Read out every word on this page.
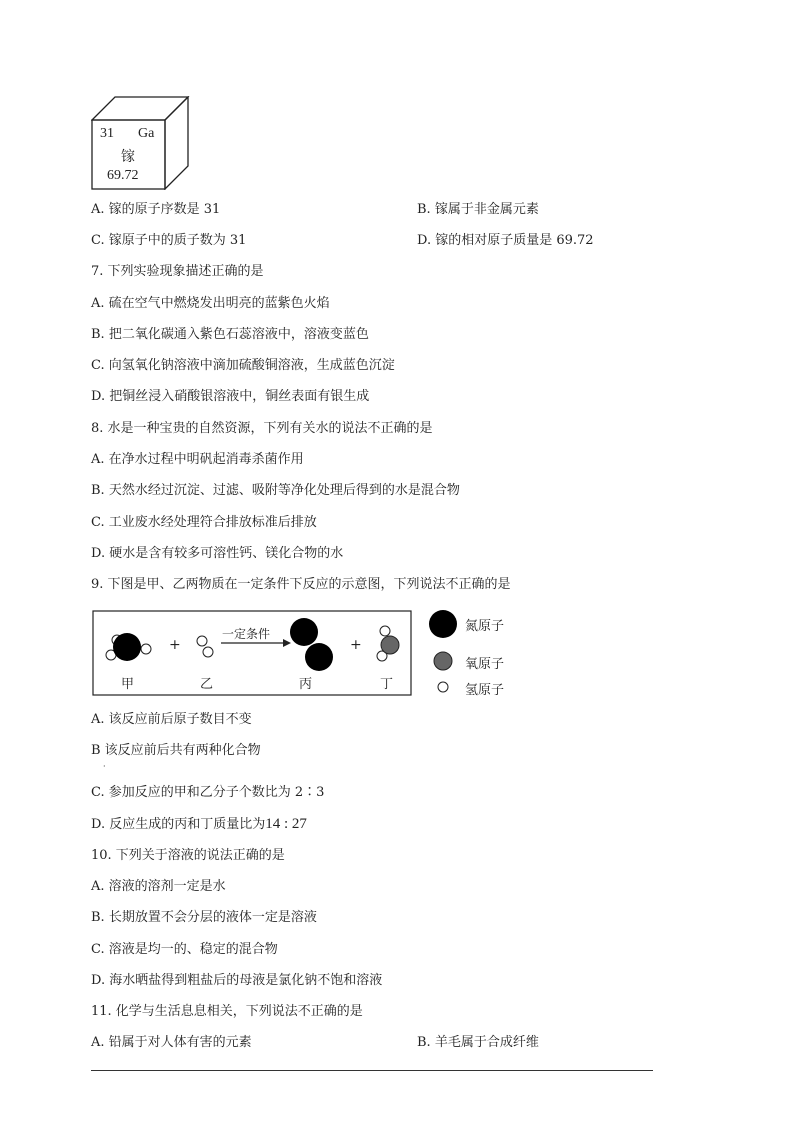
31 Ga
镓
69.72
A. 镓的原子序数是 31	B. 镓属于非金属元素
C. 镓原子中的质子数为 31	D. 镓的相对原子质量是 69.72
7. 下列实验现象描述正确的是
A. 硫在空气中燃烧发出明亮的蓝紫色火焰
B. 把二氧化碳通入紫色石蕊溶液中，溶液变蓝色
C. 向氢氧化钠溶液中滴加硫酸铜溶液，生成蓝色沉淀
D. 把铜丝浸入硝酸银溶液中，铜丝表面有银生成
8. 水是一种宝贵的自然资源，下列有关水的说法不正确的是
A. 在净水过程中明矾起消毒杀菌作用
B. 天然水经过沉淀、过滤、吸附等净化处理后得到的水是混合物
C. 工业废水经处理符合排放标准后排放
D. 硬水是含有较多可溶性钙、镁化合物的水
9. 下图是甲、乙两物质在一定条件下反应的示意图，下列说法不正确的是
+	+
一定条件
甲	乙	丙	丁
氮原子
氧原子
氢原子
A. 该反应前后原子数目不变
B 该反应前后共有两种化合物
·
C. 参加反应的甲和乙分子个数比为 2∶3
D. 反应生成的丙和丁质量比为14 : 27
10. 下列关于溶液的说法正确的是
A. 溶液的溶剂一定是水
B. 长期放置不会分层的液体一定是溶液
C. 溶液是均一的、稳定的混合物
D. 海水晒盐得到粗盐后的母液是氯化钠不饱和溶液
11. 化学与生活息息相关，下列说法不正确的是
A. 铅属于对人体有害的元素	B. 羊毛属于合成纤维
